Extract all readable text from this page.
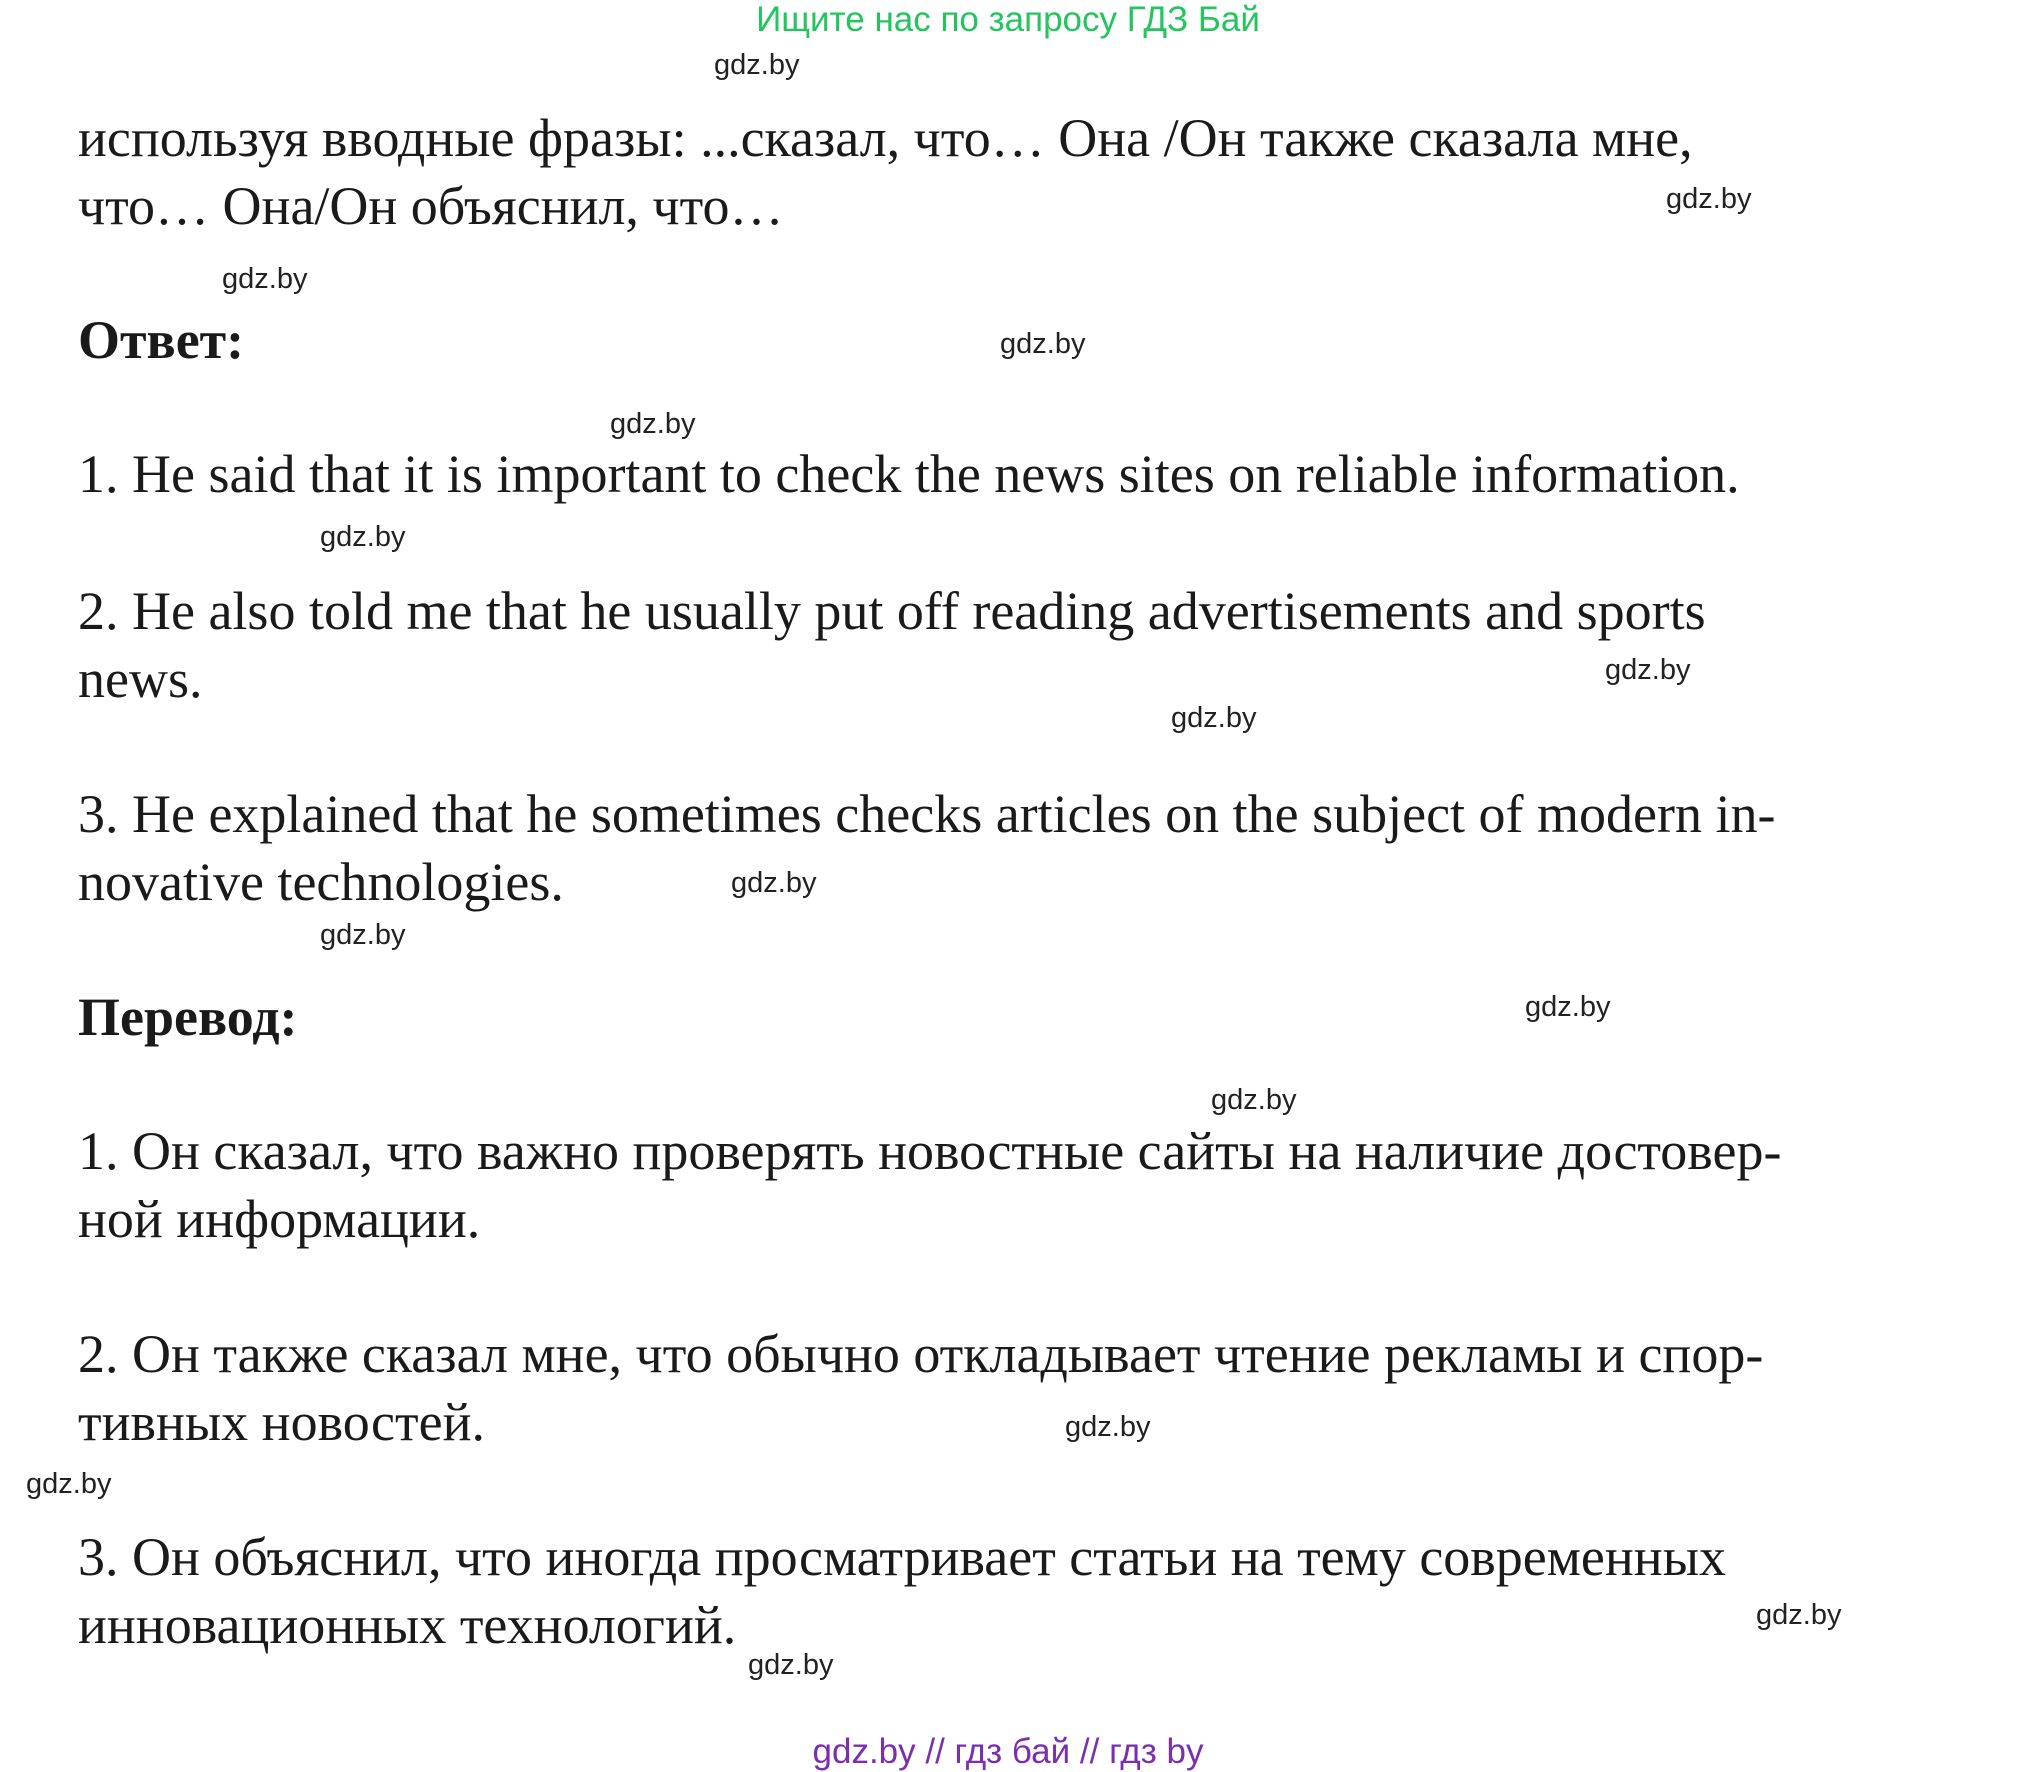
Ищите нас по запросу ГДЗ Бай
gdz.by
gdz.by
gdz.by
gdz.by
gdz.by
gdz.by
gdz.by
gdz.by
gdz.by
gdz.by
gdz.by
gdz.by
gdz.by
gdz.by
gdz.by
gdz.by
используя вводные фразы: ...сказал, что… Она /Он также сказала мне,
что… Она/Он объяснил, что…
Ответ:
1. He said that it is important to check the news sites on reliable information.
2. He also told me that he usually put off reading advertisements and sports
news.
3. He explained that he sometimes checks articles on the subject of modern in-
novative technologies.
Перевод:
1. Он сказал, что важно проверять новостные сайты на наличие достовер-
ной информации.
2. Он также сказал мне, что обычно откладывает чтение рекламы и спор-
тивных новостей.
3. Он объяснил, что иногда просматривает статьи на тему современных
инновационных технологий.
gdz.by // гдз бай // гдз by
